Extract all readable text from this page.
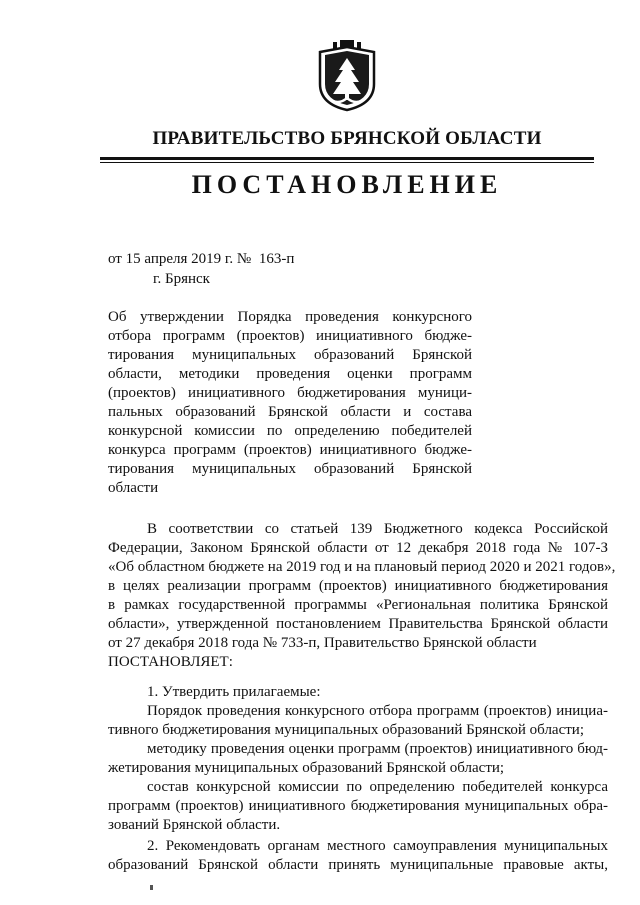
ПРАВИТЕЛЬСТВО БРЯНСКОЙ ОБЛАСТИ
ПОСТАНОВЛЕНИЕ
от 15 апреля 2019 г. № 163-п
г. Брянск
Об утверждении Порядка проведения конкурсного
отбора программ (проектов) инициативного бюдже-
тирования муниципальных образований Брянской
области, методики проведения оценки программ
(проектов) инициативного бюджетирования муници-
пальных образований Брянской области и состава
конкурсной комиссии по определению победителей
конкурса программ (проектов) инициативного бюдже-
тирования муниципальных образований Брянской
области
В соответствии со статьей 139 Бюджетного кодекса Российской
Федерации, Законом Брянской области от 12 декабря 2018 года № 107-З
«Об областном бюджете на 2019 год и на плановый период 2020 и 2021 годов»,
в целях реализации программ (проектов) инициативного бюджетирования
в рамках государственной программы «Региональная политика Брянской
области», утвержденной постановлением Правительства Брянской области
от 27 декабря 2018 года № 733-п, Правительство Брянской области
ПОСТАНОВЛЯЕТ:
1. Утвердить прилагаемые:
Порядок проведения конкурсного отбора программ (проектов) инициа-
тивного бюджетирования муниципальных образований Брянской области;
методику проведения оценки программ (проектов) инициативного бюд-
жетирования муниципальных образований Брянской области;
состав конкурсной комиссии по определению победителей конкурса
программ (проектов) инициативного бюджетирования муниципальных обра-
зований Брянской области.
2. Рекомендовать органам местного самоуправления муниципальных
образований Брянской области принять муниципальные правовые акты,
